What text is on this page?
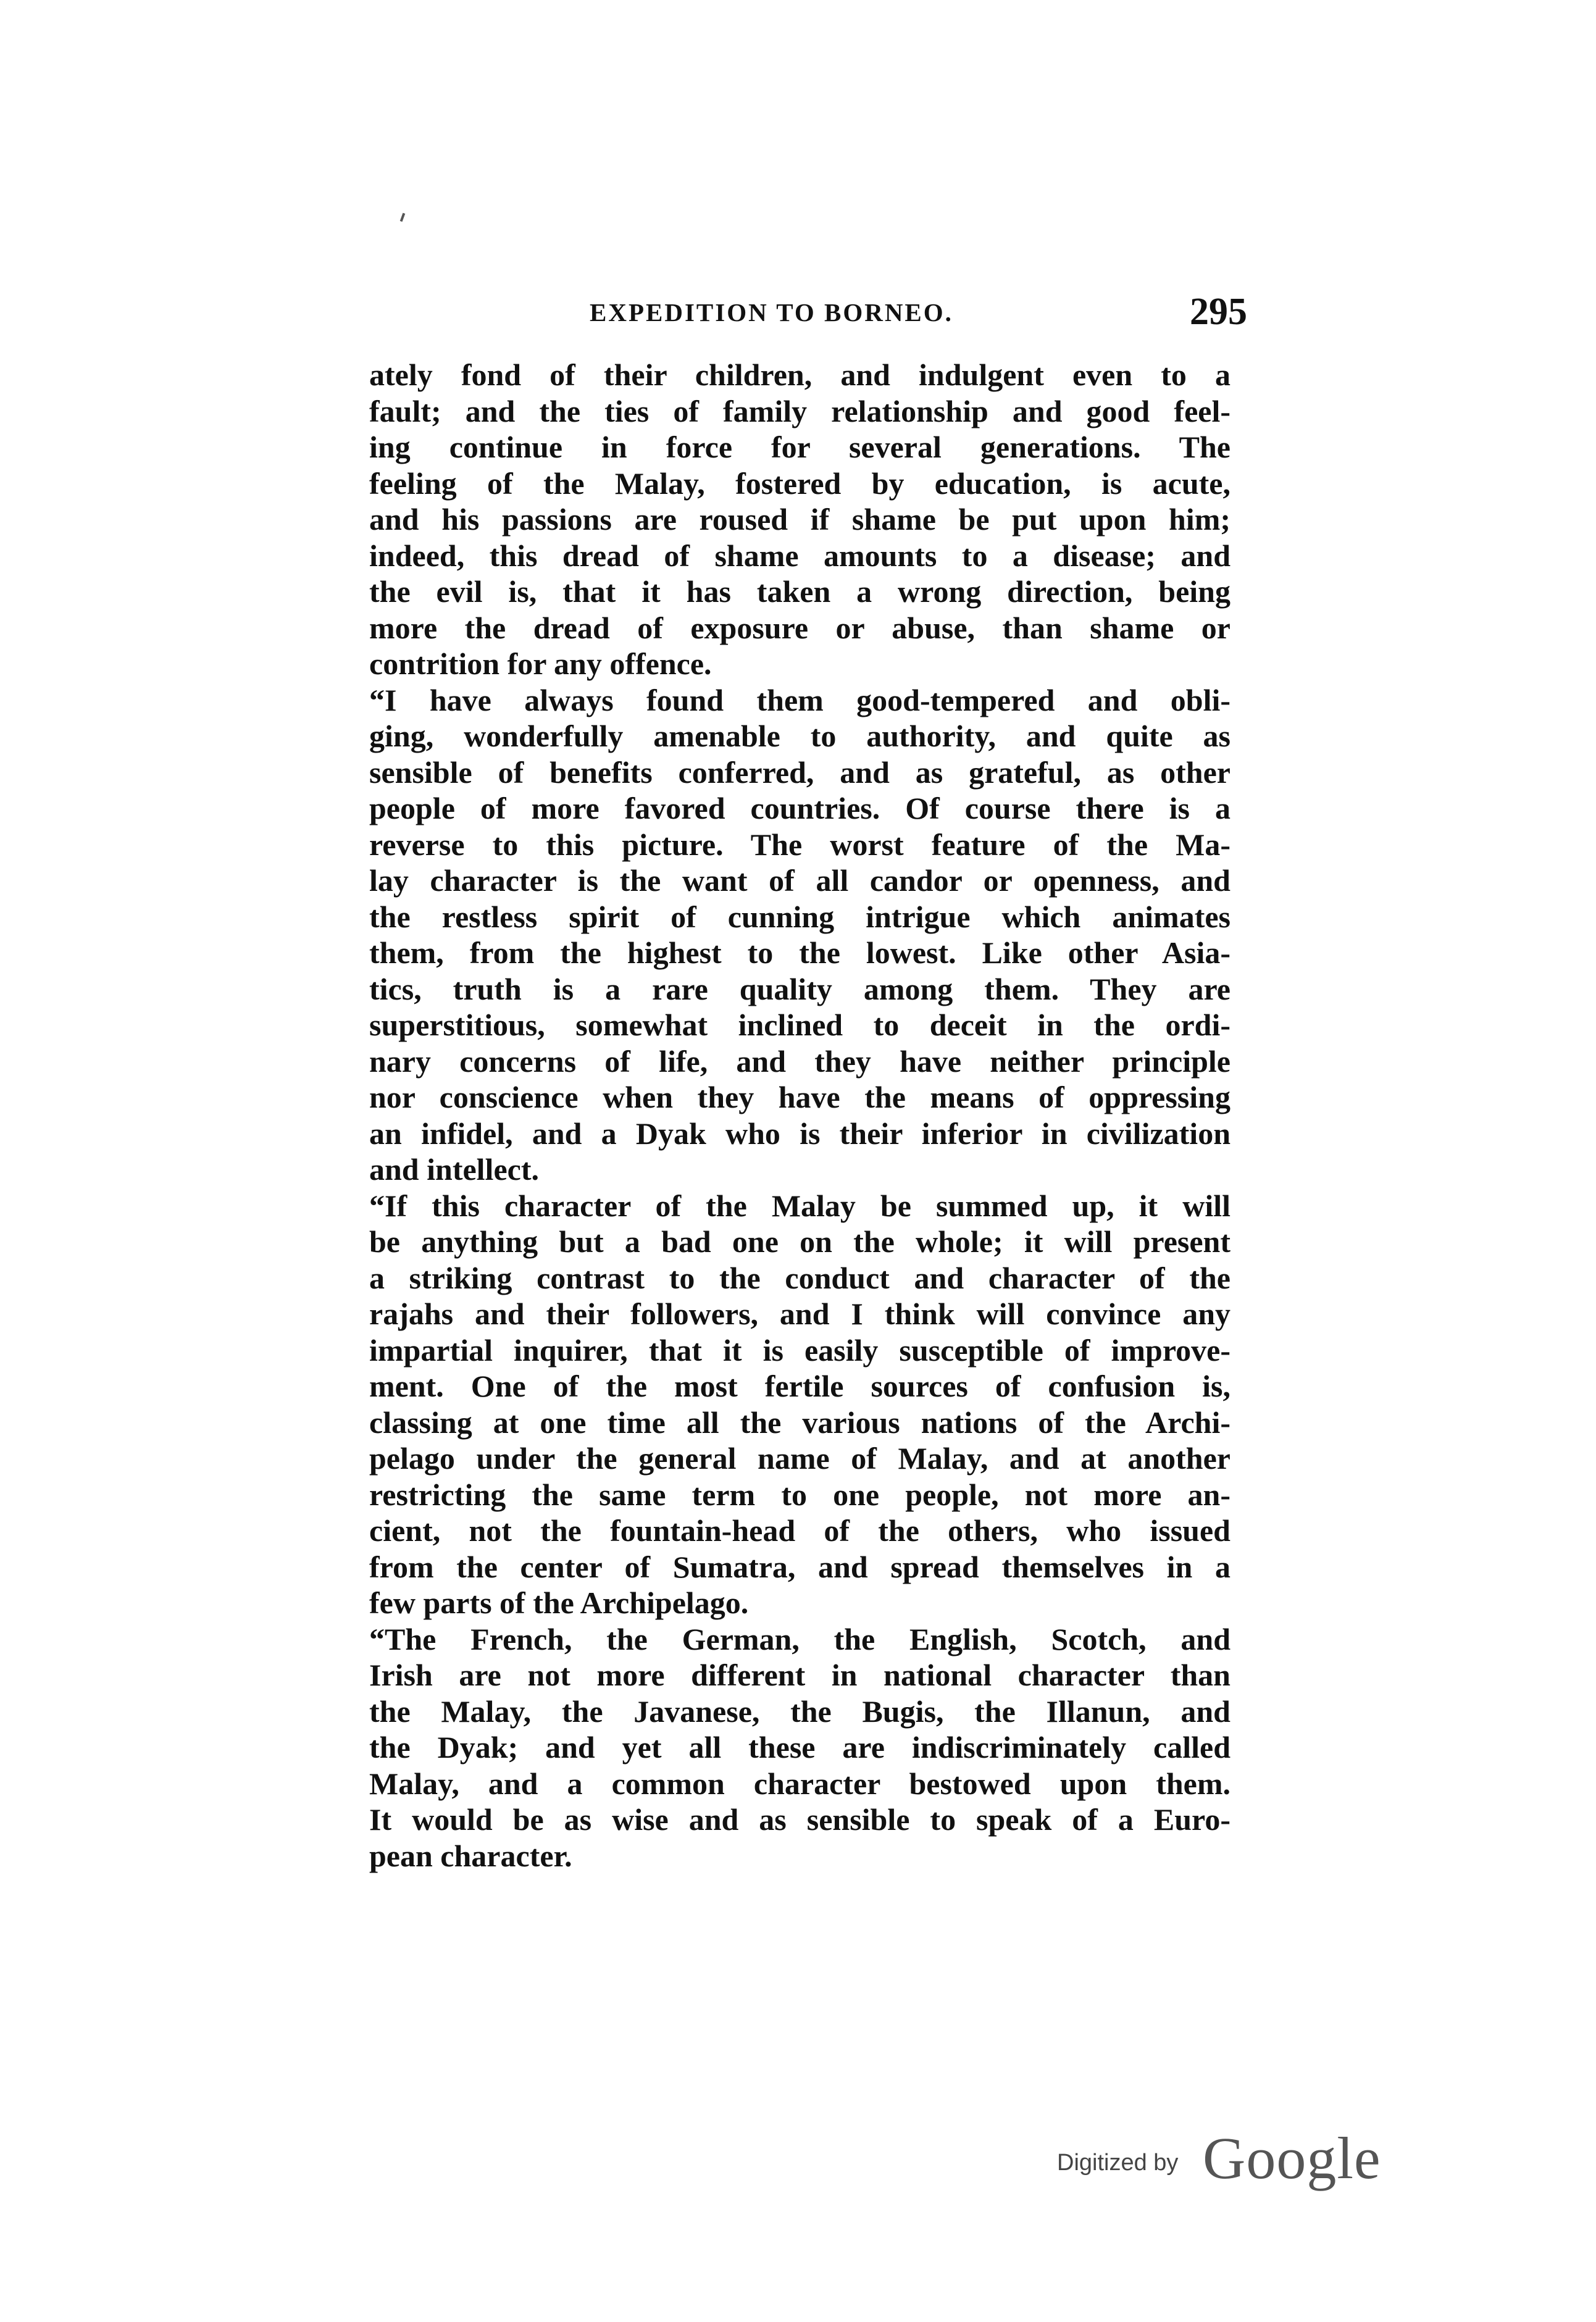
EXPEDITION TO BORNEO.	295
ately fond of their children, and indulgent even to a
fault; and the ties of family relationship and good feel-
ing continue in force for several generations. The
feeling of the Malay, fostered by education, is acute,
and his passions are roused if shame be put upon him;
indeed, this dread of shame amounts to a disease; and
the evil is, that it has taken a wrong direction, being
more the dread of exposure or abuse, than shame or
contrition for any offence.
“I have always found them good-tempered and obli-
ging, wonderfully amenable to authority, and quite as
sensible of benefits conferred, and as grateful, as other
people of more favored countries. Of course there is a
reverse to this picture. The worst feature of the Ma-
lay character is the want of all candor or openness, and
the restless spirit of cunning intrigue which animates
them, from the highest to the lowest. Like other Asia-
tics, truth is a rare quality among them. They are
superstitious, somewhat inclined to deceit in the ordi-
nary concerns of life, and they have neither principle
nor conscience when they have the means of oppressing
an infidel, and a Dyak who is their inferior in civilization
and intellect.
“If this character of the Malay be summed up, it will
be anything but a bad one on the whole; it will present
a striking contrast to the conduct and character of the
rajahs and their followers, and I think will convince any
impartial inquirer, that it is easily susceptible of improve-
ment. One of the most fertile sources of confusion is,
classing at one time all the various nations of the Archi-
pelago under the general name of Malay, and at another
restricting the same term to one people, not more an-
cient, not the fountain-head of the others, who issued
from the center of Sumatra, and spread themselves in a
few parts of the Archipelago.
“The French, the German, the English, Scotch, and
Irish are not more different in national character than
the Malay, the Javanese, the Bugis, the Illanun, and
the Dyak; and yet all these are indiscriminately called
Malay, and a common character bestowed upon them.
It would be as wise and as sensible to speak of a Euro-
pean character.
Digitized by Google
